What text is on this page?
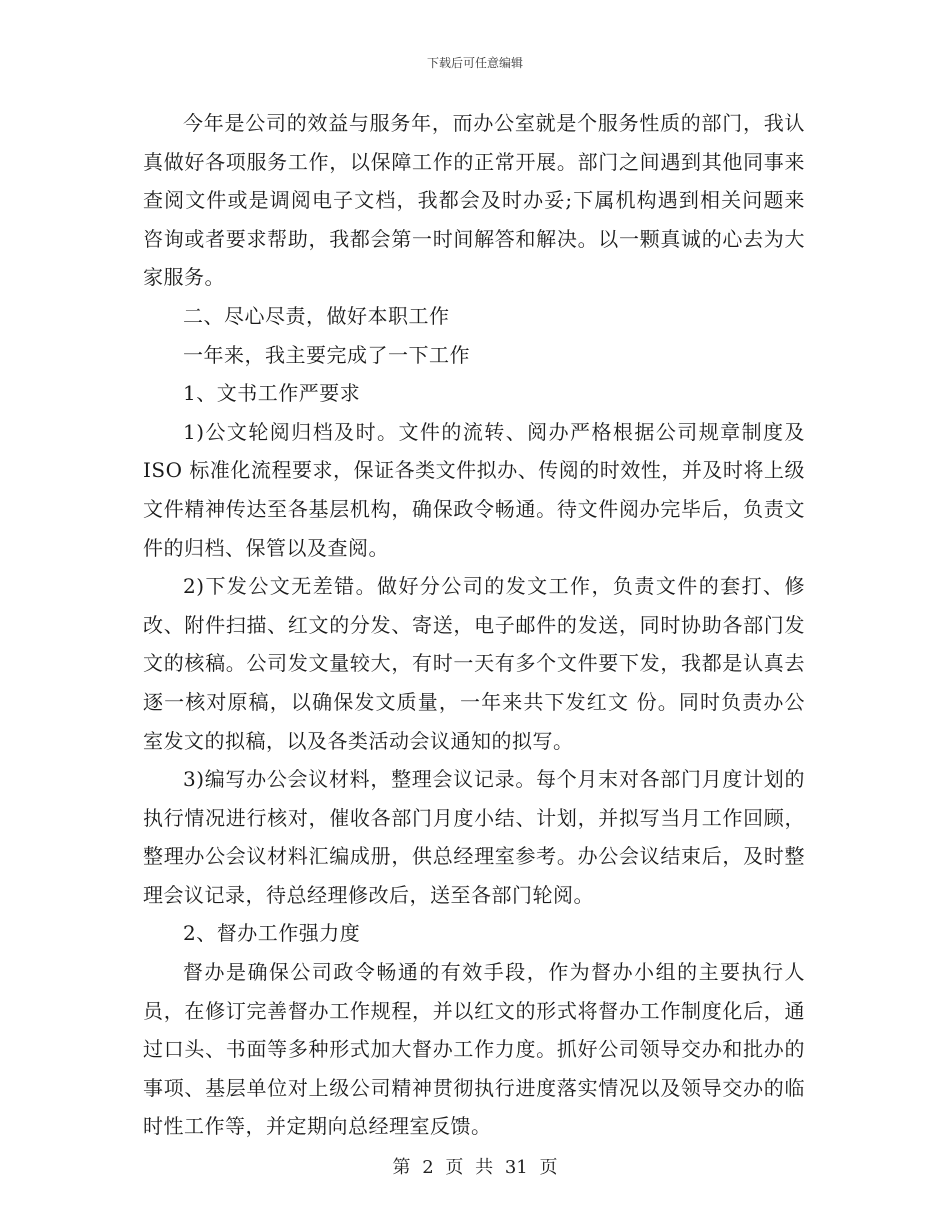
下载后可任意编辑

今年是公司的效益与服务年，而办公室就是个服务性质的部门，我认真做好各项服务工作，以保障工作的正常开展。部门之间遇到其他同事来查阅文件或是调阅电子文档，我都会及时办妥;下属机构遇到相关问题来咨询或者要求帮助，我都会第一时间解答和解决。以一颗真诚的心去为大家服务。

二、尽心尽责，做好本职工作

一年来，我主要完成了一下工作

1、文书工作严要求

1)公文轮阅归档及时。文件的流转、阅办严格根据公司规章制度及 ISO 标准化流程要求，保证各类文件拟办、传阅的时效性，并及时将上级文件精神传达至各基层机构，确保政令畅通。待文件阅办完毕后，负责文件的归档、保管以及查阅。

2)下发公文无差错。做好分公司的发文工作，负责文件的套打、修改、附件扫描、红文的分发、寄送，电子邮件的发送，同时协助各部门发文的核稿。公司发文量较大，有时一天有多个文件要下发，我都是认真去逐一核对原稿，以确保发文质量，一年来共下发红文 份。同时负责办公室发文的拟稿，以及各类活动会议通知的拟写。

3)编写办公会议材料，整理会议记录。每个月末对各部门月度计划的执行情况进行核对，催收各部门月度小结、计划，并拟写当月工作回顾，整理办公会议材料汇编成册，供总经理室参考。办公会议结束后，及时整理会议记录，待总经理修改后，送至各部门轮阅。

2、督办工作强力度

督办是确保公司政令畅通的有效手段，作为督办小组的主要执行人员，在修订完善督办工作规程，并以红文的形式将督办工作制度化后，通过口头、书面等多种形式加大督办工作力度。抓好公司领导交办和批办的事项、基层单位对上级公司精神贯彻执行进度落实情况以及领导交办的临时性工作等，并定期向总经理室反馈。

第 2 页 共 31 页
